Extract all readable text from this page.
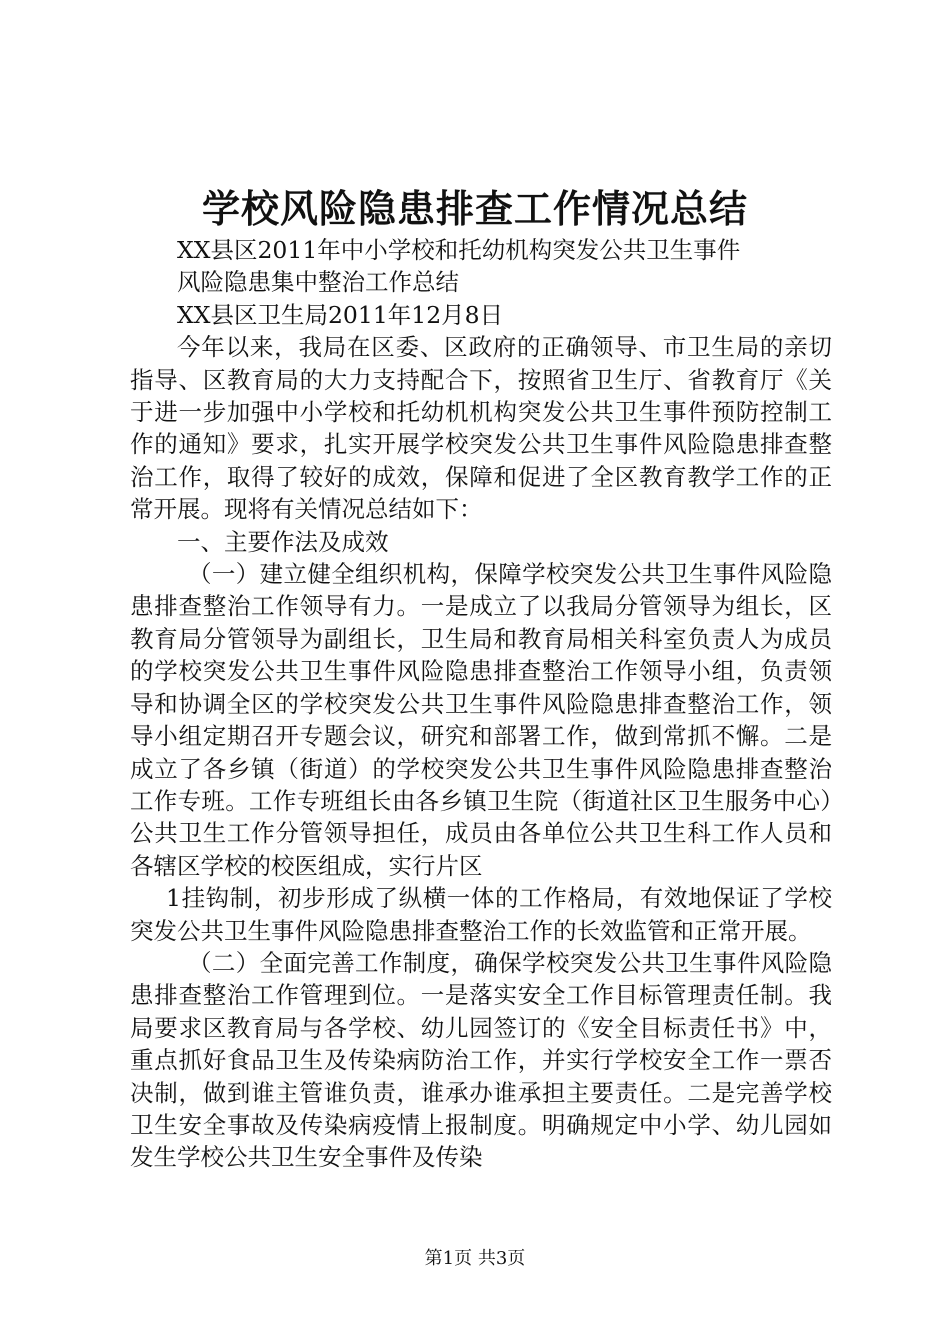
学校风险隐患排查工作情况总结

XX县区2011年中小学校和托幼机构突发公共卫生事件

风险隐患集中整治工作总结

XX县区卫生局2011年12月8日

今年以来，我局在区委、区政府的正确领导、市卫生局的亲切指导、区教育局的大力支持配合下，按照省卫生厅、省教育厅《关于进一步加强中小学校和托幼机机构突发公共卫生事件预防控制工作的通知》要求，扎实开展学校突发公共卫生事件风险隐患排查整治工作，取得了较好的成效，保障和促进了全区教育教学工作的正常开展。现将有关情况总结如下：

一、主要作法及成效

（一）建立健全组织机构，保障学校突发公共卫生事件风险隐患排查整治工作领导有力。一是成立了以我局分管领导为组长，区教育局分管领导为副组长，卫生局和教育局相关科室负责人为成员的学校突发公共卫生事件风险隐患排查整治工作领导小组，负责领导和协调全区的学校突发公共卫生事件风险隐患排查整治工作，领导小组定期召开专题会议，研究和部署工作，做到常抓不懈。二是成立了各乡镇（街道）的学校突发公共卫生事件风险隐患排查整治工作专班。工作专班组长由各乡镇卫生院（街道社区卫生服务中心）公共卫生工作分管领导担任，成员由各单位公共卫生科工作人员和各辖区学校的校医组成，实行片区

1挂钩制，初步形成了纵横一体的工作格局，有效地保证了学校突发公共卫生事件风险隐患排查整治工作的长效监管和正常开展。

（二）全面完善工作制度，确保学校突发公共卫生事件风险隐患排查整治工作管理到位。一是落实安全工作目标管理责任制。我局要求区教育局与各学校、幼儿园签订的《安全目标责任书》中，重点抓好食品卫生及传染病防治工作，并实行学校安全工作一票否决制，做到谁主管谁负责，谁承办谁承担主要责任。二是完善学校卫生安全事故及传染病疫情上报制度。明确规定中小学、幼儿园如发生学校公共卫生安全事件及传染

第1页 共3页
